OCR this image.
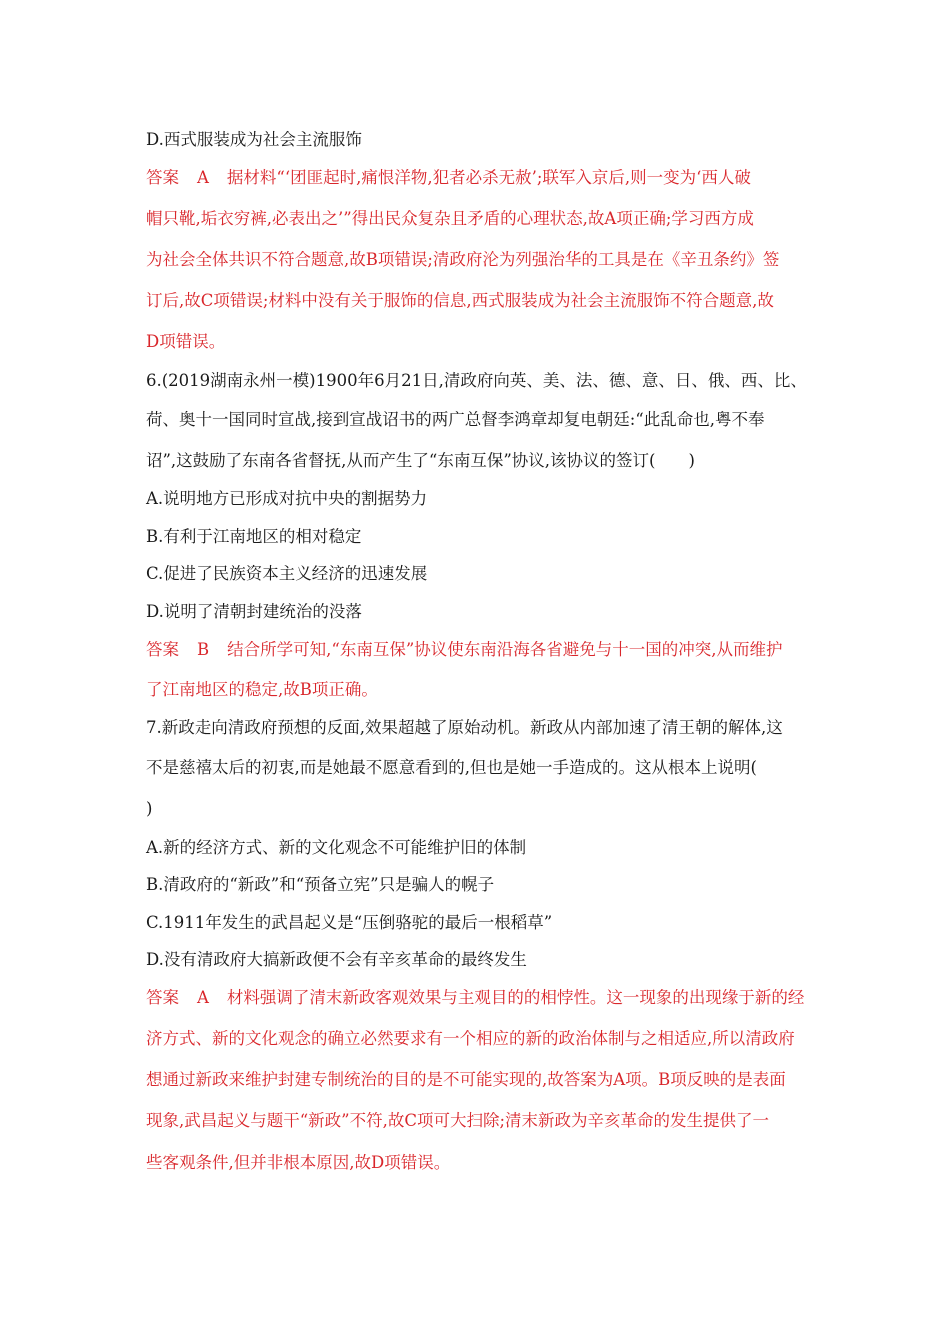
D.西式服装成为社会主流服饰
答案 A 据材料“‘团匪起时,痛恨洋物,犯者必杀无赦’;联军入京后,则一变为‘西人破
帽只靴,垢衣穷裤,必表出之’”得出民众复杂且矛盾的心理状态,故A项正确;学习西方成
为社会全体共识不符合题意,故B项错误;清政府沦为列强治华的工具是在《辛丑条约》签
订后,故C项错误;材料中没有关于服饰的信息,西式服装成为社会主流服饰不符合题意,故
D项错误。
6.(2019湖南永州一模)1900年6月21日,清政府向英、美、法、德、意、日、俄、西、比、
荷、奥十一国同时宣战,接到宣战诏书的两广总督李鸿章却复电朝廷:“此乱命也,粤不奉
诏”,这鼓励了东南各省督抚,从而产生了“东南互保”协议,该协议的签订(　　)
A.说明地方已形成对抗中央的割据势力
B.有利于江南地区的相对稳定
C.促进了民族资本主义经济的迅速发展
D.说明了清朝封建统治的没落
答案 B 结合所学可知,“东南互保”协议使东南沿海各省避免与十一国的冲突,从而维护
了江南地区的稳定,故B项正确。
7.新政走向清政府预想的反面,效果超越了原始动机。新政从内部加速了清王朝的解体,这
不是慈禧太后的初衷,而是她最不愿意看到的,但也是她一手造成的。这从根本上说明(
)
A.新的经济方式、新的文化观念不可能维护旧的体制
B.清政府的“新政”和“预备立宪”只是骗人的幌子
C.1911年发生的武昌起义是“压倒骆驼的最后一根稻草”
D.没有清政府大搞新政便不会有辛亥革命的最终发生
答案 A 材料强调了清末新政客观效果与主观目的的相悖性。这一现象的出现缘于新的经
济方式、新的文化观念的确立必然要求有一个相应的新的政治体制与之相适应,所以清政府
想通过新政来维护封建专制统治的目的是不可能实现的,故答案为A项。B项反映的是表面
现象,武昌起义与题干“新政”不符,故C项可大扫除;清末新政为辛亥革命的发生提供了一
些客观条件,但并非根本原因,故D项错误。
